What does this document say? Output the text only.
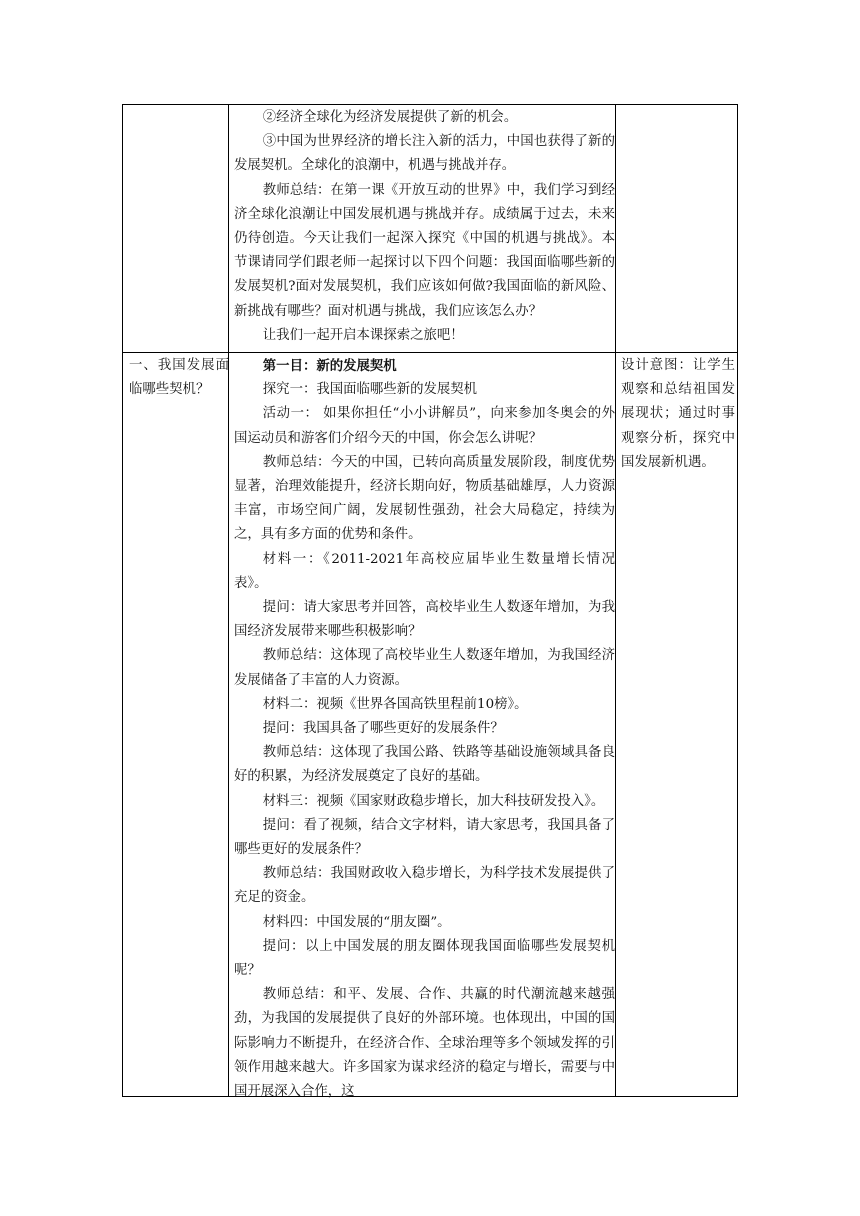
②经济全球化为经济发展提供了新的机会。

③中国为世界经济的增长注入新的活力，中国也获得了新的发展契机。全球化的浪潮中，机遇与挑战并存。

教师总结：在第一课《开放互动的世界》中，我们学习到经济全球化浪潮让中国发展机遇与挑战并存。成绩属于过去，未来仍待创造。今天让我们一起深入探究《中国的机遇与挑战》。本节课请同学们跟老师一起探讨以下四个问题：我国面临哪些新的发展契机?面对发展契机，我们应该如何做?我国面临的新风险、新挑战有哪些？面对机遇与挑战，我们应该怎么办？

让我们一起开启本课探索之旅吧！

一、我国发展面临哪些契机？

第一目：新的发展契机

探究一：我国面临哪些新的发展契机

活动一： 如果你担任“小小讲解员”，向来参加冬奥会的外国运动员和游客们介绍今天的中国，你会怎么讲呢？

教师总结：今天的中国，已转向高质量发展阶段，制度优势显著，治理效能提升，经济长期向好，物质基础雄厚，人力资源丰富，市场空间广阔，发展韧性强劲，社会大局稳定，持续为之，具有多方面的优势和条件。

材料一：《2011-2021年高校应届毕业生数量增长情况表》。

提问：请大家思考并回答，高校毕业生人数逐年增加，为我国经济发展带来哪些积极影响？

教师总结：这体现了高校毕业生人数逐年增加，为我国经济发展储备了丰富的人力资源。

材料二：视频《世界各国高铁里程前10榜》。

提问：我国具备了哪些更好的发展条件？

教师总结：这体现了我国公路、铁路等基础设施领域具备良好的积累，为经济发展奠定了良好的基础。

材料三：视频《国家财政稳步增长，加大科技研发投入》。

提问：看了视频，结合文字材料，请大家思考，我国具备了哪些更好的发展条件？

教师总结：我国财政收入稳步增长，为科学技术发展提供了充足的资金。

材料四：中国发展的“朋友圈”。

提问：以上中国发展的朋友圈体现我国面临哪些发展契机呢？

教师总结：和平、发展、合作、共赢的时代潮流越来越强劲，为我国的发展提供了良好的外部环境。也体现出，中国的国际影响力不断提升，在经济合作、全球治理等多个领域发挥的引领作用越来越大。许多国家为谋求经济的稳定与增长，需要与中国开展深入合作，这

设计意图：让学生观察和总结祖国发展现状；通过时事观察分析，探究中国发展新机遇。
